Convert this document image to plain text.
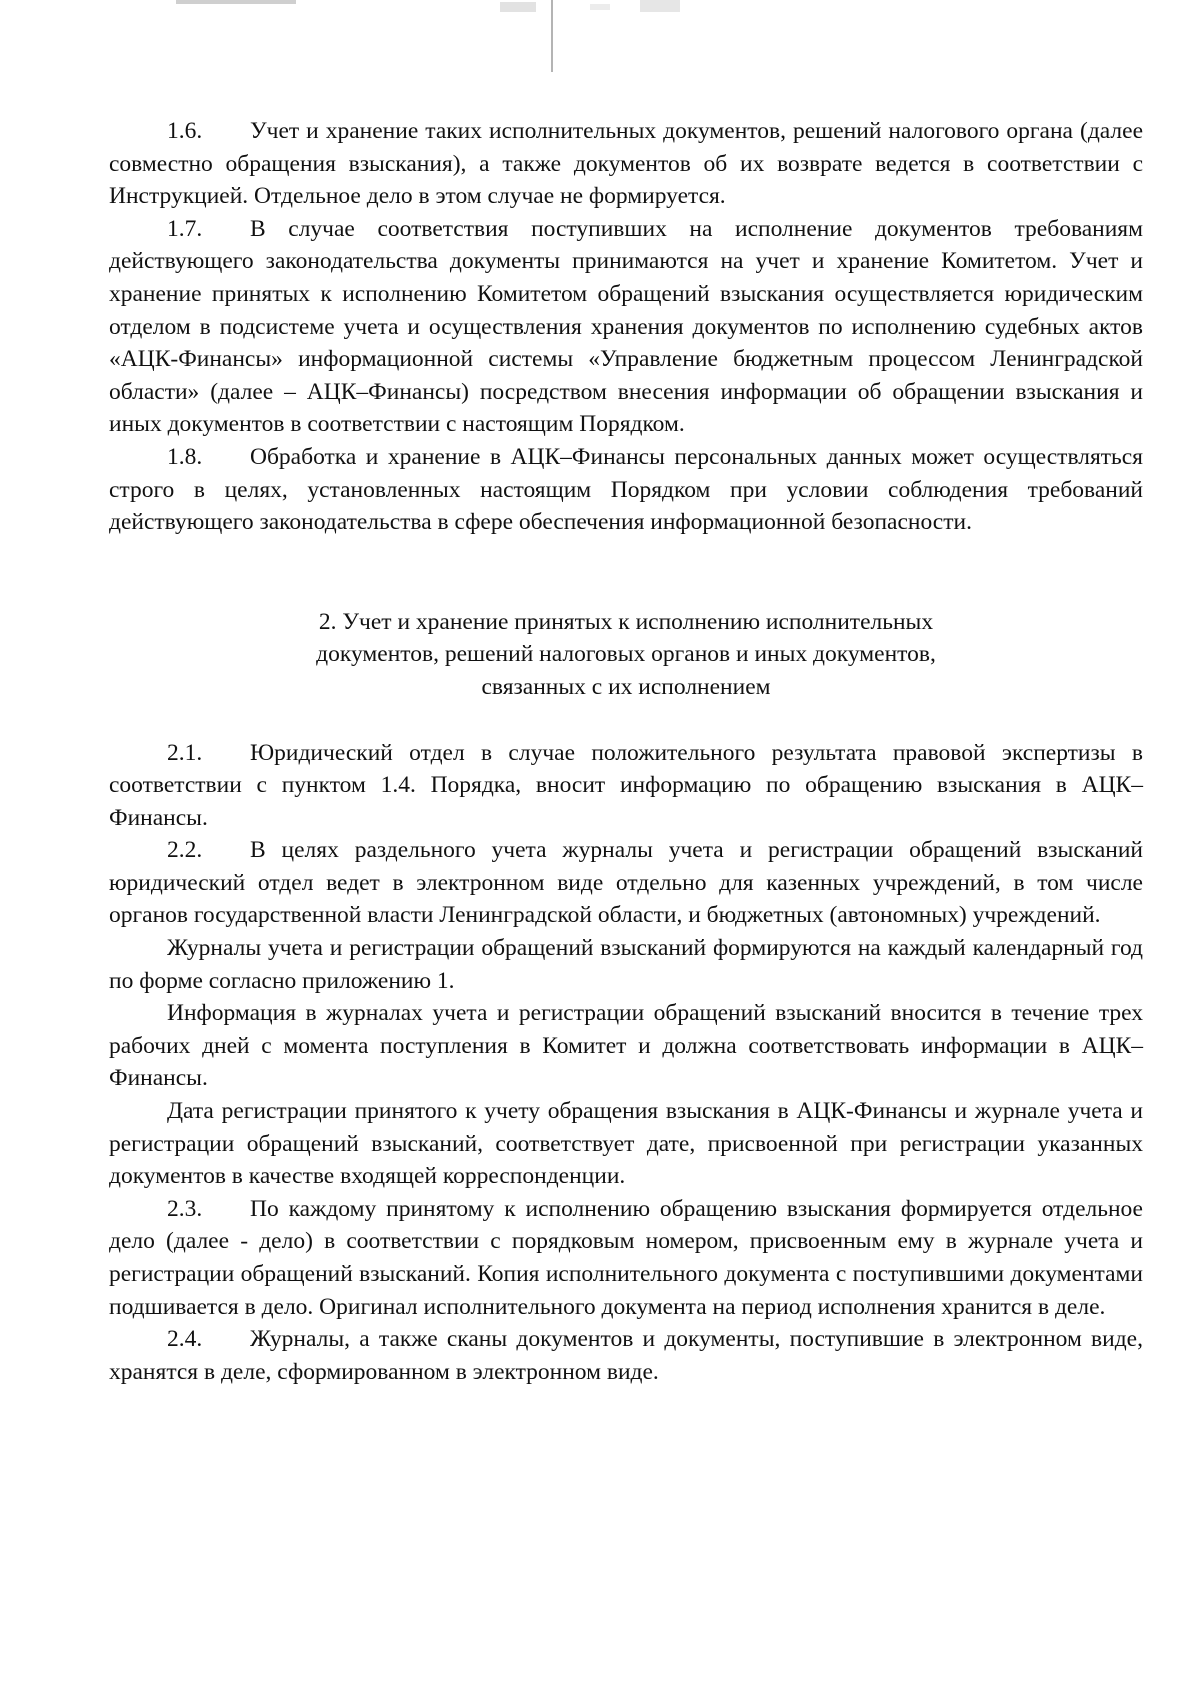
1.6. Учет и хранение таких исполнительных документов, решений налогового органа (далее совместно обращения взыскания), а также документов об их возврате ведется в соответствии с Инструкцией. Отдельное дело в этом случае не формируется.

1.7. В случае соответствия поступивших на исполнение документов требованиям действующего законодательства документы принимаются на учет и хранение Комитетом. Учет и хранение принятых к исполнению Комитетом обращений взыскания осуществляется юридическим отделом в подсистеме учета и осуществления хранения документов по исполнению судебных актов «АЦК-Финансы» информационной системы «Управление бюджетным процессом Ленинградской области» (далее – АЦК–Финансы) посредством внесения информации об обращении взыскания и иных документов в соответствии с настоящим Порядком.

1.8. Обработка и хранение в АЦК–Финансы персональных данных может осуществляться строго в целях, установленных настоящим Порядком при условии соблюдения требований действующего законодательства в сфере обеспечения информационной безопасности.

2. Учет и хранение принятых к исполнению исполнительных
документов, решений налоговых органов и иных документов,
связанных с их исполнением

2.1. Юридический отдел в случае положительного результата правовой экспертизы в соответствии с пунктом 1.4. Порядка, вносит информацию по обращению взыскания в АЦК–Финансы.

2.2. В целях раздельного учета журналы учета и регистрации обращений взысканий юридический отдел ведет в электронном виде отдельно для казенных учреждений, в том числе органов государственной власти Ленинградской области, и бюджетных (автономных) учреждений.

Журналы учета и регистрации обращений взысканий формируются на каждый календарный год по форме согласно приложению 1.

Информация в журналах учета и регистрации обращений взысканий вносится в течение трех рабочих дней с момента поступления в Комитет и должна соответствовать информации в АЦК–Финансы.

Дата регистрации принятого к учету обращения взыскания в АЦК-Финансы и журнале учета и регистрации обращений взысканий, соответствует дате, присвоенной при регистрации указанных документов в качестве входящей корреспонденции.

2.3. По каждому принятому к исполнению обращению взыскания формируется отдельное дело (далее - дело) в соответствии с порядковым номером, присвоенным ему в журнале учета и регистрации обращений взысканий. Копия исполнительного документа с поступившими документами подшивается в дело. Оригинал исполнительного документа на период исполнения хранится в деле.

2.4. Журналы, а также сканы документов и документы, поступившие в электронном виде, хранятся в деле, сформированном в электронном виде.
